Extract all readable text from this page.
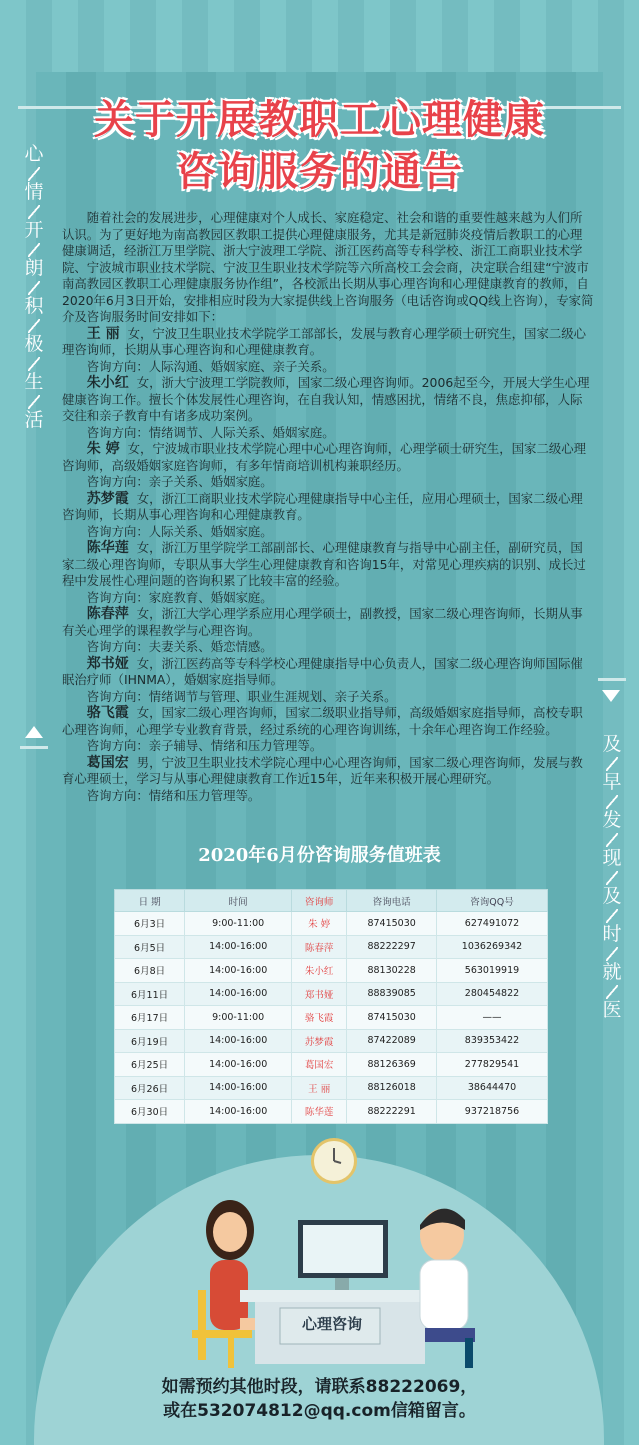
关于开展教职工心理健康
咨询服务的通告
心
情
开
朗
积
极
生
活
及
早
发
现
及
时
就
医

随着社会的发展进步，心理健康对个人成长、家庭稳定、社会和谐的重要性越来越为人们所认识。为了更好地为南高教园区教职工提供心理健康服务，尤其是新冠肺炎疫情后教职工的心理健康调适，经浙江万里学院、浙大宁波理工学院、浙江医药高等专科学校、浙江工商职业技术学院、宁波城市职业技术学院、宁波卫生职业技术学院等六所高校工会会商，决定联合组建“宁波市南高教园区教职工心理健康服务协作组”，各校派出长期从事心理咨询和心理健康教育的教师，自2020年6月3日开始，安排相应时段为大家提供线上咨询服务（电话咨询或QQ线上咨询），专家简介及咨询服务时间安排如下：

王 丽 女，宁波卫生职业技术学院学工部部长，发展与教育心理学硕士研究生，国家二级心理咨询师，长期从事心理咨询和心理健康教育。

咨询方向：人际沟通、婚姻家庭、亲子关系。

朱小红 女，浙大宁波理工学院教师，国家二级心理咨询师。2006起至今，开展大学生心理健康咨询工作。擅长个体发展性心理咨询，在自我认知，情感困扰，情绪不良，焦虑抑郁，人际交往和亲子教育中有诸多成功案例。

咨询方向：情绪调节、人际关系、婚姻家庭。

朱 婷 女，宁波城市职业技术学院心理中心心理咨询师，心理学硕士研究生，国家二级心理咨询师，高级婚姻家庭咨询师，有多年情商培训机构兼职经历。

咨询方向：亲子关系、婚姻家庭。

苏梦霞 女，浙江工商职业技术学院心理健康指导中心主任，应用心理硕士，国家二级心理咨询师，长期从事心理咨询和心理健康教育。

咨询方向：人际关系、婚姻家庭。

陈华莲 女，浙江万里学院学工部副部长、心理健康教育与指导中心副主任，副研究员，国家二级心理咨询师，专职从事大学生心理健康教育和咨询15年，对常见心理疾病的识别、成长过程中发展性心理问题的咨询积累了比较丰富的经验。

咨询方向：家庭教育、婚姻家庭。

陈春萍 女，浙江大学心理学系应用心理学硕士，副教授，国家二级心理咨询师，长期从事有关心理学的课程教学与心理咨询。

咨询方向：夫妻关系、婚恋情感。

郑书娅 女，浙江医药高等专科学校心理健康指导中心负责人，国家二级心理咨询师国际催眠治疗师（IHNMA），婚姻家庭指导师。

咨询方向：情绪调节与管理、职业生涯规划、亲子关系。

骆飞霞 女，国家二级心理咨询师，国家二级职业指导师，高级婚姻家庭指导师，高校专职心理咨询师，心理学专业教育背景，经过系统的心理咨询训练，十余年心理咨询工作经验。

咨询方向：亲子辅导、情绪和压力管理等。

葛国宏 男，宁波卫生职业技术学院心理中心心理咨询师，国家二级心理咨询师，发展与教育心理硕士，学习与从事心理健康教育工作近15年，近年来积极开展心理研究。

咨询方向：情绪和压力管理等。

2020年6月份咨询服务值班表
日 期	时间	咨询师	咨询电话	咨询QQ号
6月3日	9:00-11:00	朱 婷	87415030	627491072
6月5日	14:00-16:00	陈春萍	88222297	1036269342
6月8日	14:00-16:00	朱小红	88130228	563019919
6月11日	14:00-16:00	郑书娅	88839085	280454822
6月17日	9:00-11:00	骆飞霞	87415030	——
6月19日	14:00-16:00	苏梦霞	87422089	839353422
6月25日	14:00-16:00	葛国宏	88126369	277829541
6月26日	14:00-16:00	王 丽	88126018	38644470
6月30日	14:00-16:00	陈华莲	88222291	937218756
心理咨询
如需预约其他时段，请联系88222069，
或在532074812@qq.com信箱留言。
